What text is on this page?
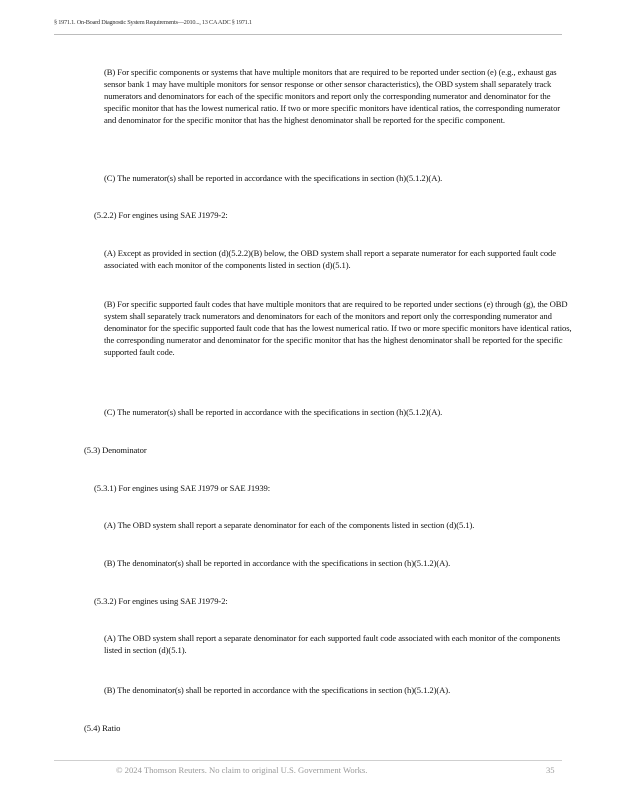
§ 1971.1. On-Board Diagnostic System Requirements—2010..., 13 CA ADC § 1971.1

(B) For specific components or systems that have multiple monitors that are required to be reported under section (e) (e.g., exhaust gas sensor bank 1 may have multiple monitors for sensor response or other sensor characteristics), the OBD system shall separately track numerators and denominators for each of the specific monitors and report only the corresponding numerator and denominator for the specific monitor that has the lowest numerical ratio. If two or more specific monitors have identical ratios, the corresponding numerator and denominator for the specific monitor that has the highest denominator shall be reported for the specific component.

(C) The numerator(s) shall be reported in accordance with the specifications in section (h)(5.1.2)(A).

(5.2.2) For engines using SAE J1979-2:

(A) Except as provided in section (d)(5.2.2)(B) below, the OBD system shall report a separate numerator for each supported fault code associated with each monitor of the components listed in section (d)(5.1).

(B) For specific supported fault codes that have multiple monitors that are required to be reported under sections (e) through (g), the OBD system shall separately track numerators and denominators for each of the monitors and report only the corresponding numerator and denominator for the specific supported fault code that has the lowest numerical ratio. If two or more specific monitors have identical ratios, the corresponding numerator and denominator for the specific monitor that has the highest denominator shall be reported for the specific supported fault code.

(C) The numerator(s) shall be reported in accordance with the specifications in section (h)(5.1.2)(A).

(5.3) Denominator

(5.3.1) For engines using SAE J1979 or SAE J1939:

(A) The OBD system shall report a separate denominator for each of the components listed in section (d)(5.1).

(B) The denominator(s) shall be reported in accordance with the specifications in section (h)(5.1.2)(A).

(5.3.2) For engines using SAE J1979-2:

(A) The OBD system shall report a separate denominator for each supported fault code associated with each monitor of the components listed in section (d)(5.1).

(B) The denominator(s) shall be reported in accordance with the specifications in section (h)(5.1.2)(A).

(5.4) Ratio

© 2024 Thomson Reuters. No claim to original U.S. Government Works.	35
